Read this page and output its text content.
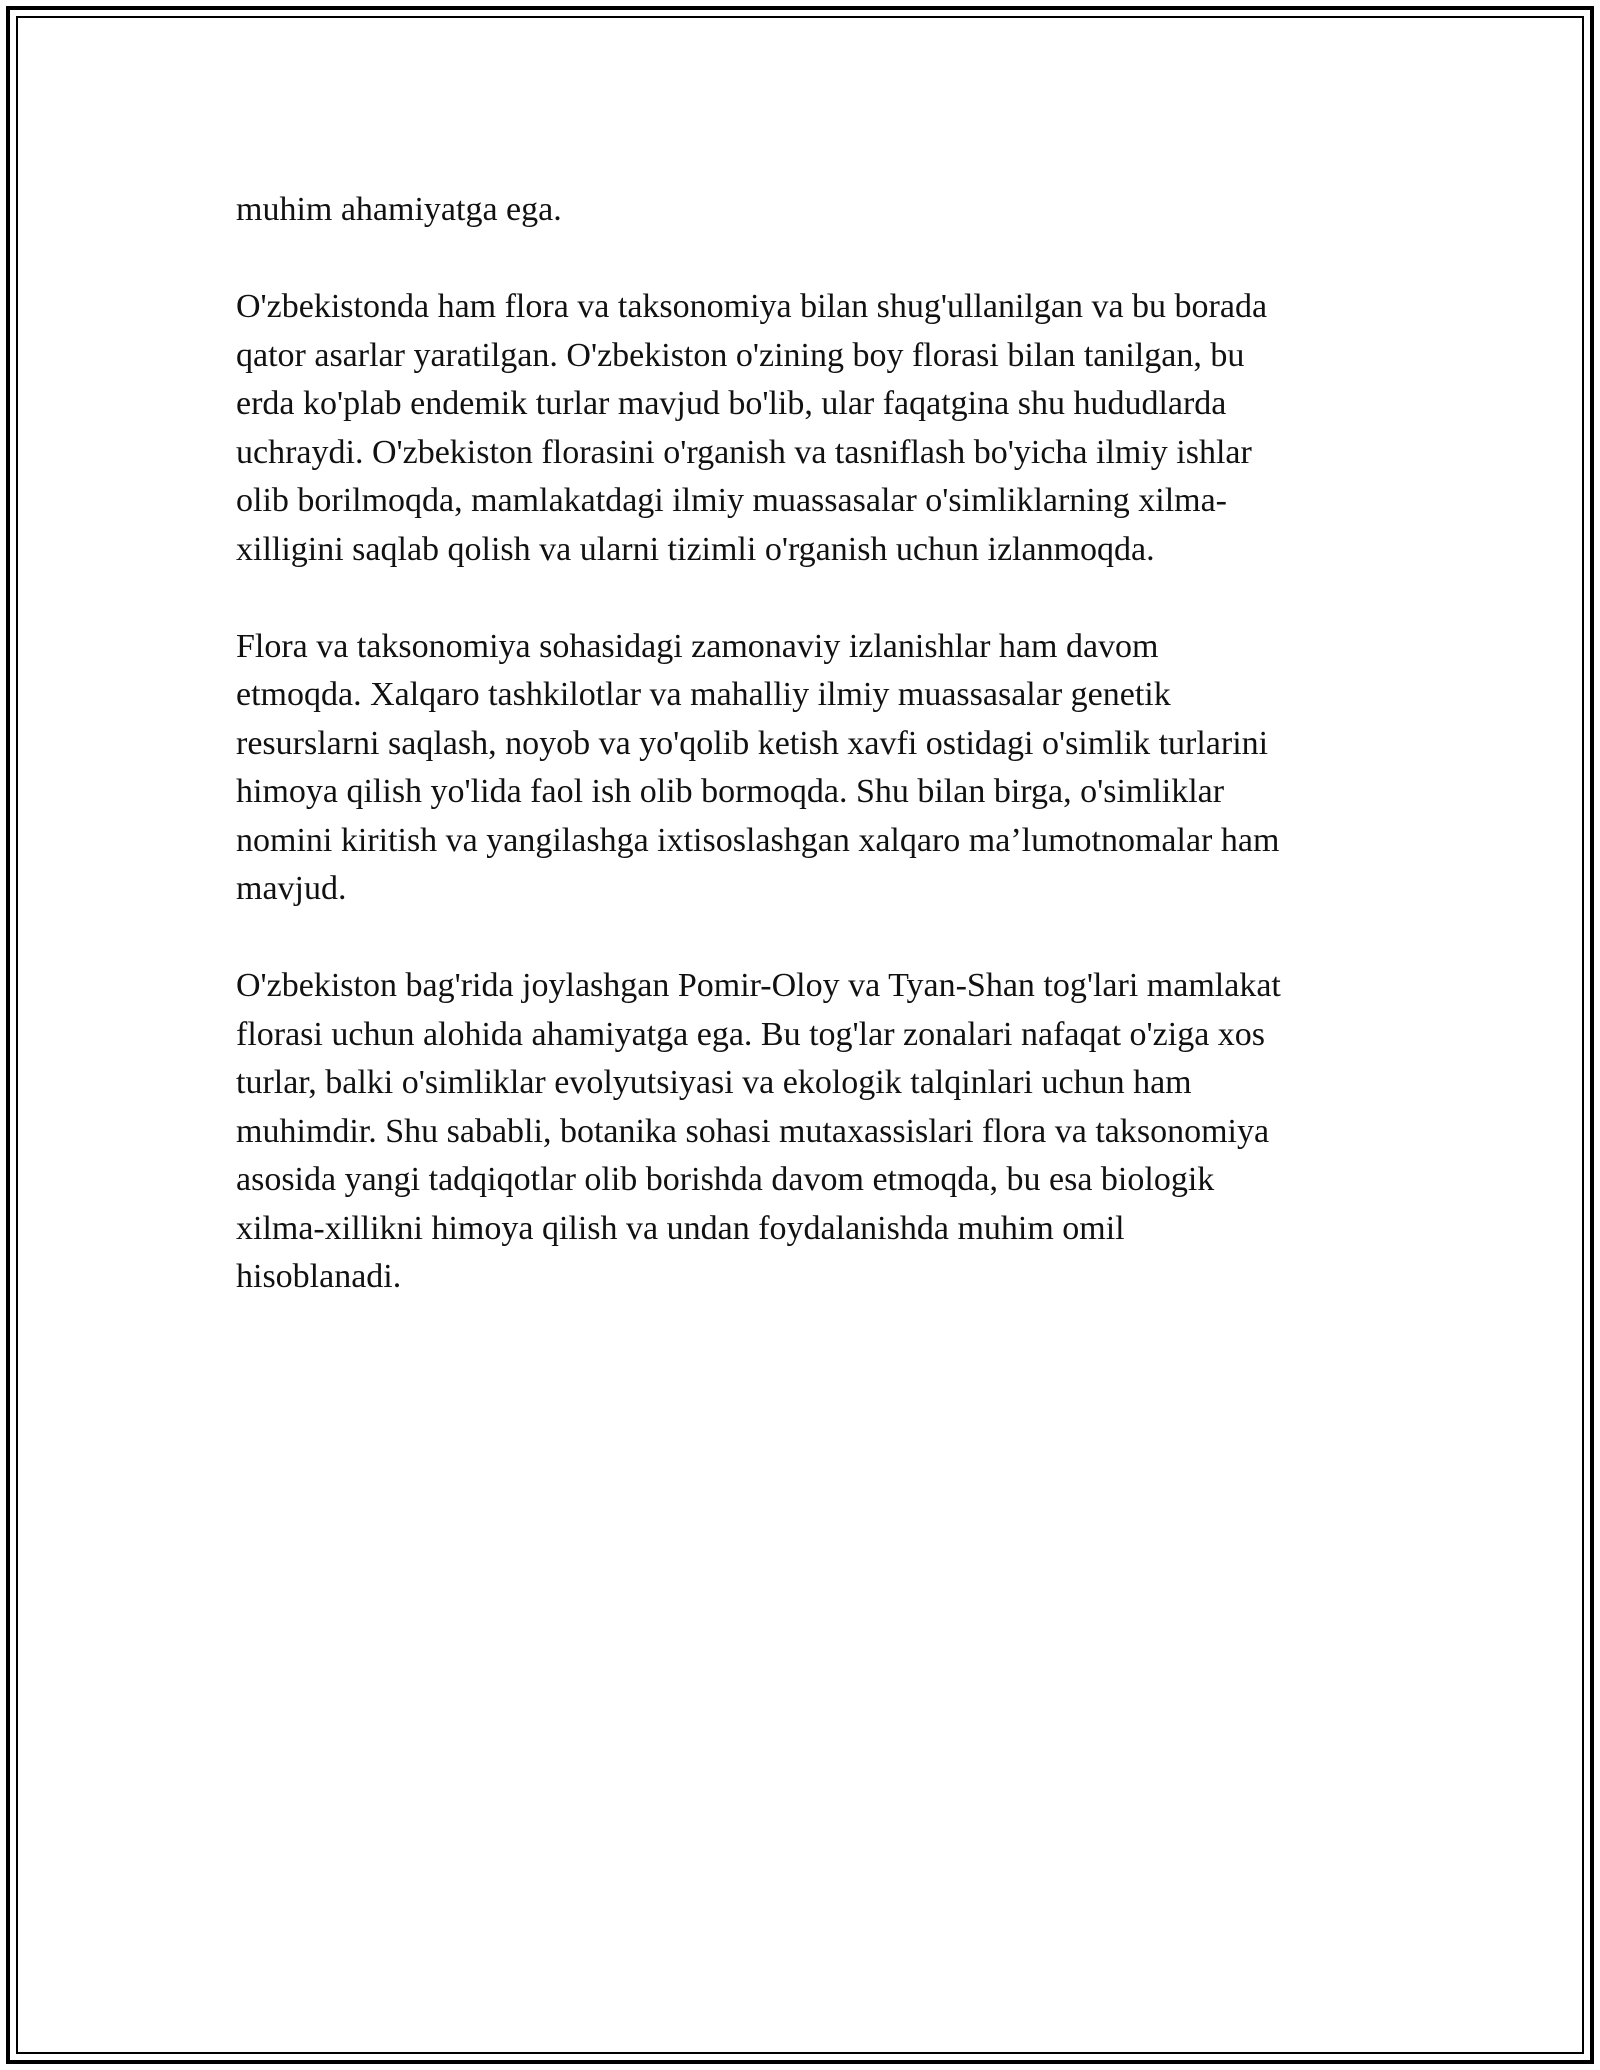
muhim ahamiyatga ega.

O'zbekistonda ham flora va taksonomiya bilan shug'ullanilgan va bu borada
qator asarlar yaratilgan. O'zbekiston o'zining boy florasi bilan tanilgan, bu
erda ko'plab endemik turlar mavjud bo'lib, ular faqatgina shu hududlarda
uchraydi. O'zbekiston florasini o'rganish va tasniflash bo'yicha ilmiy ishlar
olib borilmoqda, mamlakatdagi ilmiy muassasalar o'simliklarning xilma-
xilligini saqlab qolish va ularni tizimli o'rganish uchun izlanmoqda.

Flora va taksonomiya sohasidagi zamonaviy izlanishlar ham davom
etmoqda. Xalqaro tashkilotlar va mahalliy ilmiy muassasalar genetik
resurslarni saqlash, noyob va yo'qolib ketish xavfi ostidagi o'simlik turlarini
himoya qilish yo'lida faol ish olib bormoqda. Shu bilan birga, o'simliklar
nomini kiritish va yangilashga ixtisoslashgan xalqaro ma’lumotnomalar ham
mavjud.

O'zbekiston bag'rida joylashgan Pomir-Oloy va Tyan-Shan tog'lari mamlakat
florasi uchun alohida ahamiyatga ega. Bu tog'lar zonalari nafaqat o'ziga xos
turlar, balki o'simliklar evolyutsiyasi va ekologik talqinlari uchun ham
muhimdir. Shu sababli, botanika sohasi mutaxassislari flora va taksonomiya
asosida yangi tadqiqotlar olib borishda davom etmoqda, bu esa biologik
xilma-xillikni himoya qilish va undan foydalanishda muhim omil
hisoblanadi.
